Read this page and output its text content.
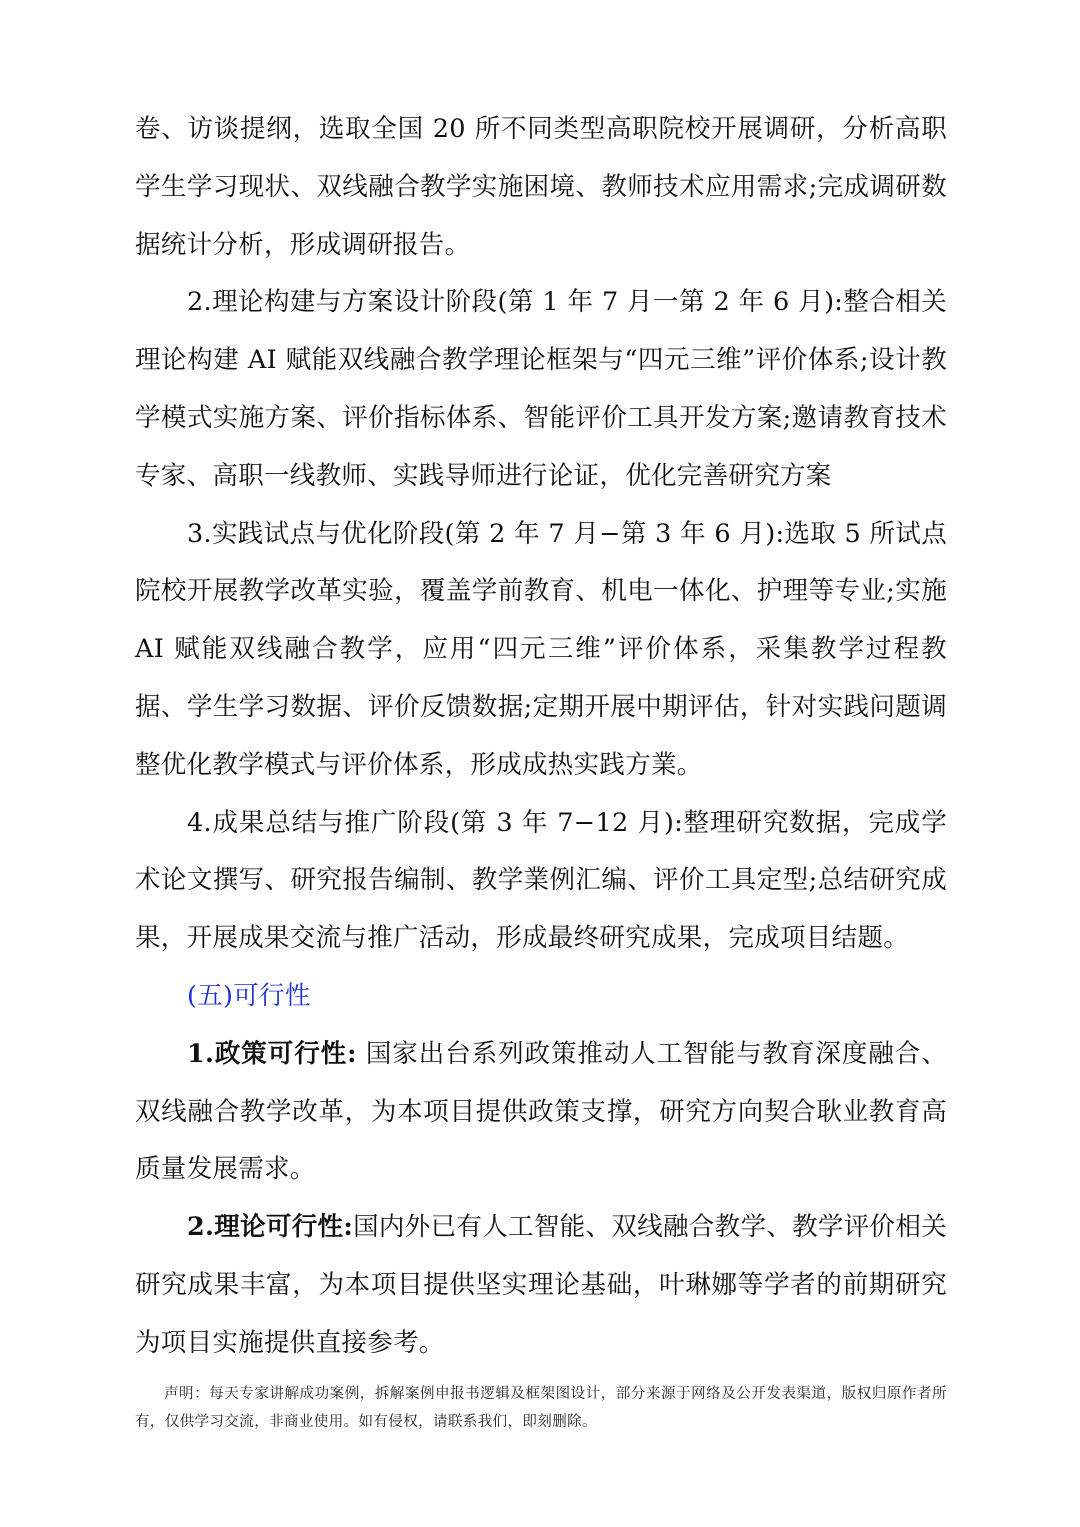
卷、访谈提纲，选取全国 20 所不同类型高职院校开展调研，分析高职学生学习现状、双线融合教学实施困境、教师技术应用需求;完成调研数据统计分析，形成调研报告。

2.理论构建与方案设计阶段(第 1 年 7 月一第 2 年 6 月):整合相关理论构建 AI 赋能双线融合教学理论框架与“四元三维”评价体系;设计教学模式实施方案、评价指标体系、智能评价工具开发方案;邀请教育技术专家、高职一线教师、实践导师进行论证，优化完善研究方案

3.实践试点与优化阶段(第 2 年 7 月−第 3 年 6 月):选取 5 所试点院校开展教学改革实验，覆盖学前教育、机电一体化、护理等专业;实施 AI 赋能双线融合教学，应用“四元三维”评价体系，采集教学过程教据、学生学习数据、评价反馈数据;定期开展中期评估，针对实践问题调整优化教学模式与评价体系，形成成热实践方業。

4.成果总结与推广阶段(第 3 年 7−12 月):整理研究数据，完成学术论文撰写、研究报告编制、教学業例汇编、评价工具定型;总结研究成果，开展成果交流与推广活动，形成最终研究成果，完成项目结题。

(五)可行性

1.政策可行性: 国家出台系列政策推动人工智能与教育深度融合、双线融合教学改革，为本项目提供政策支撑，研究方向契合耿业教育高质量发展需求。

2.理论可行性:国内外已有人工智能、双线融合教学、教学评价相关研究成果丰富，为本项目提供坚实理论基础，叶琳娜等学者的前期研究为项目实施提供直接参考。

声明：每天专家讲解成功案例，拆解案例申报书逻辑及框架图设计，部分来源于网络及公开发表渠道，版权归原作者所有，仅供学习交流，非商业使用。如有侵权，请联系我们，即刻删除。
